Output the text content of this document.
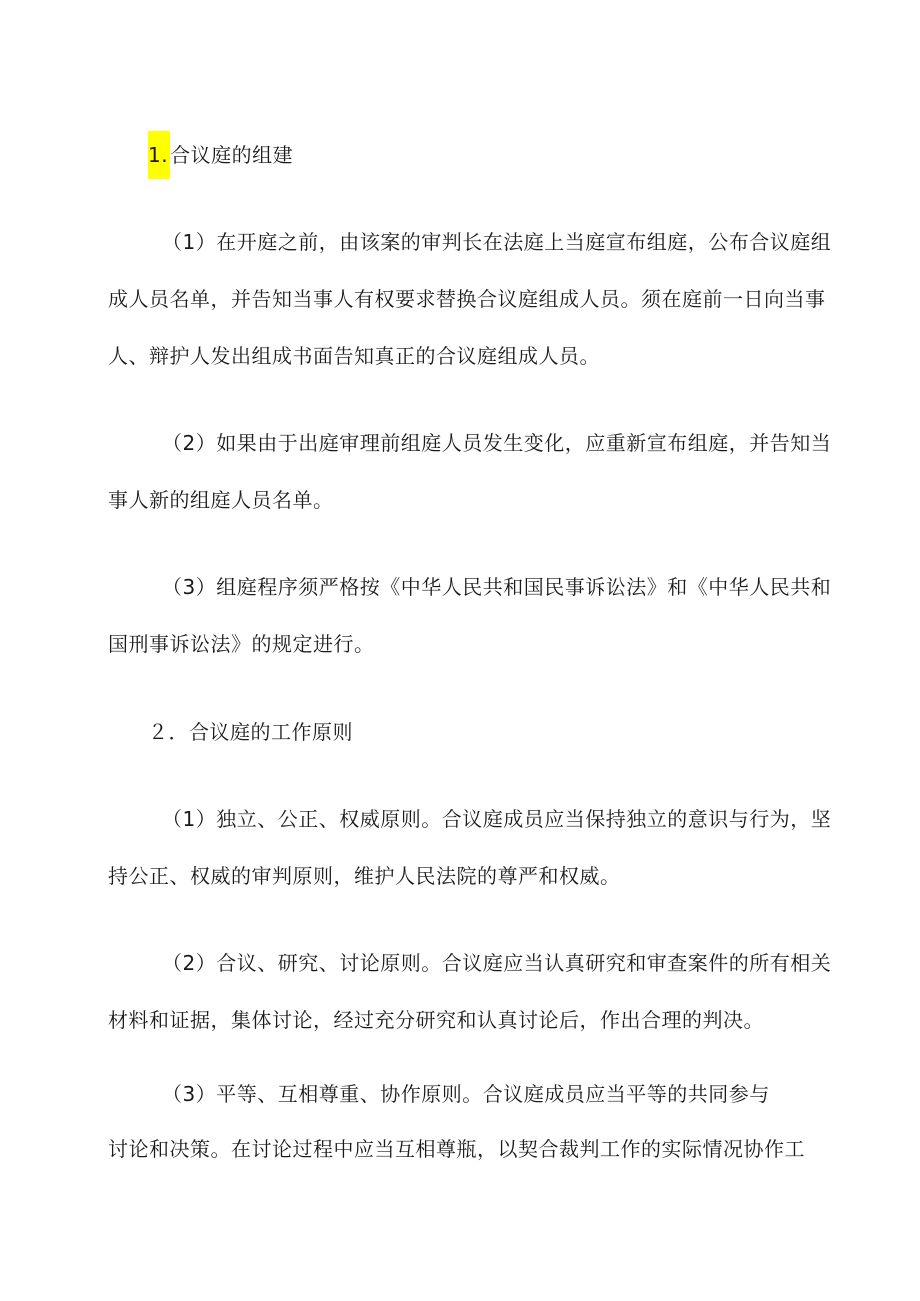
1. 合议庭的组建
（1）在开庭之前，由该案的审判长在法庭上当庭宣布组庭，公布合议庭组
成人员名单，并告知当事人有权要求替换合议庭组成人员。须在庭前一日向当事
人、辩护人发出组成书面告知真正的合议庭组成人员。
（2）如果由于出庭审理前组庭人员发生变化，应重新宣布组庭，并告知当
事人新的组庭人员名单。
（3）组庭程序须严格按《中华人民共和国民事诉讼法》和《中华人民共和
国刑事诉讼法》的规定进行。
２．合议庭的工作原则
（1）独立、公正、权威原则。合议庭成员应当保持独立的意识与行为，坚
持公正、权威的审判原则，维护人民法院的尊严和权威。
（2）合议、研究、讨论原则。合议庭应当认真研究和审查案件的所有相关
材料和证据，集体讨论，经过充分研究和认真讨论后，作出合理的判决。
（3）平等、互相尊重、协作原则。合议庭成员应当平等的共同参与
讨论和决策。在讨论过程中应当互相尊瓶，以契合裁判工作的实际情况协作工
